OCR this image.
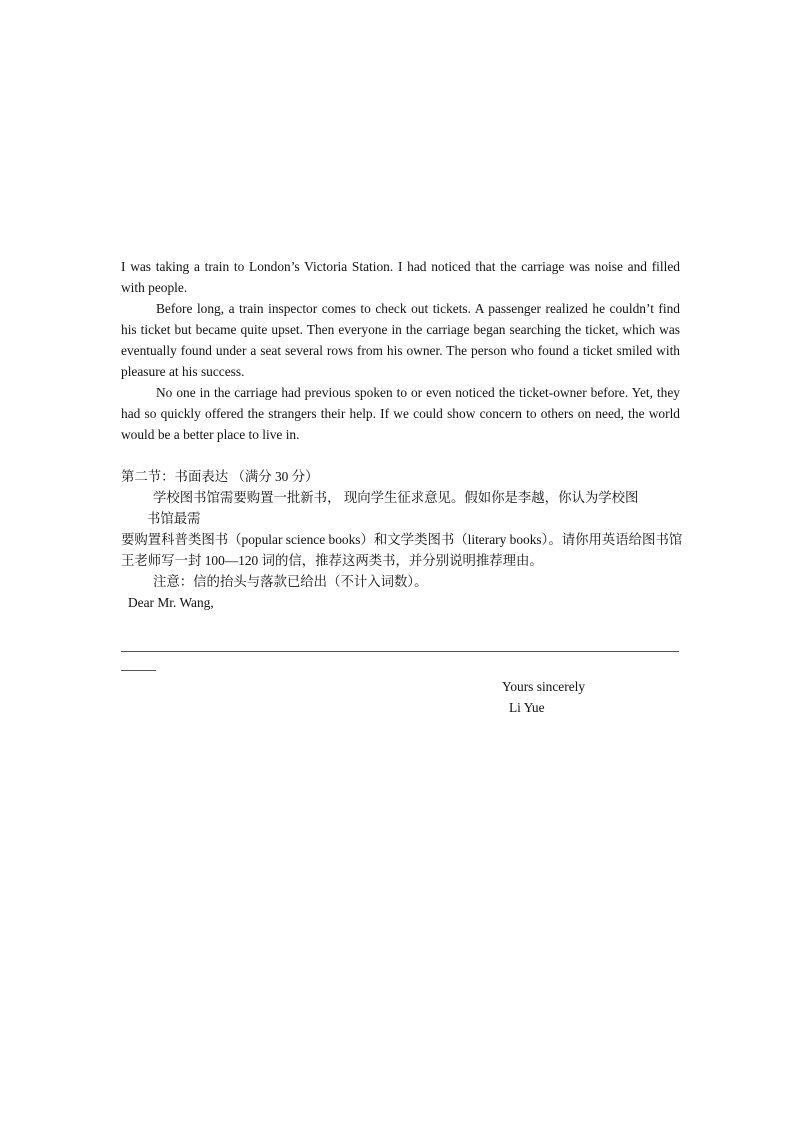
I was taking a train to London’s Victoria Station. I had noticed that the carriage was noise and filled with people.

Before long, a train inspector comes to check out tickets. A passenger realized he couldn’t find his ticket but became quite upset. Then everyone in the carriage began searching the ticket, which was eventually found under a seat several rows from his owner. The person who found a ticket smiled with pleasure at his success.

No one in the carriage had previous spoken to or even noticed the ticket-owner before. Yet, they had so quickly offered the strangers their help. If we could show concern to others on need, the world would be a better place to live in.

第二节：书面表达 （满分 30 分）

学校图书馆需要购置一批新书， 现向学生征求意见。假如你是李越，你认为学校图

书馆最需

要购置科普类图书（popular science books）和文学类图书（literary books）。请你用英语给图书馆王老师写一封 100—120 词的信，推荐这两类书，并分别说明推荐理由。

注意：信的抬头与落款已给出（不计入词数）。

Dear Mr. Wang,
Yours sincerely
Li Yue
